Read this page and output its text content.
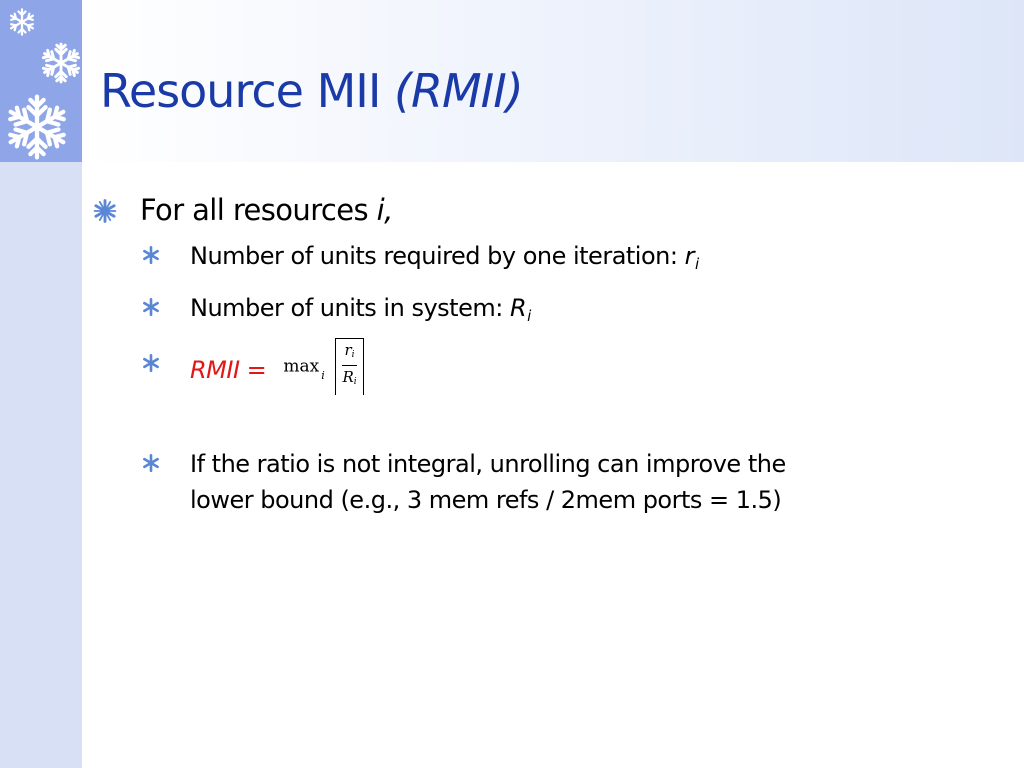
Resource MII (RMII)
For all resources i,
Number of units required by one iteration: $r_i$
Number of units in system: $R_i$
RMII = $\max _i \frac{ri}{Ri}$
If the ratio is not integral, unrolling can improve the
lower bound (e.g., 3 mem refs / 2mem ports = 1.5)
